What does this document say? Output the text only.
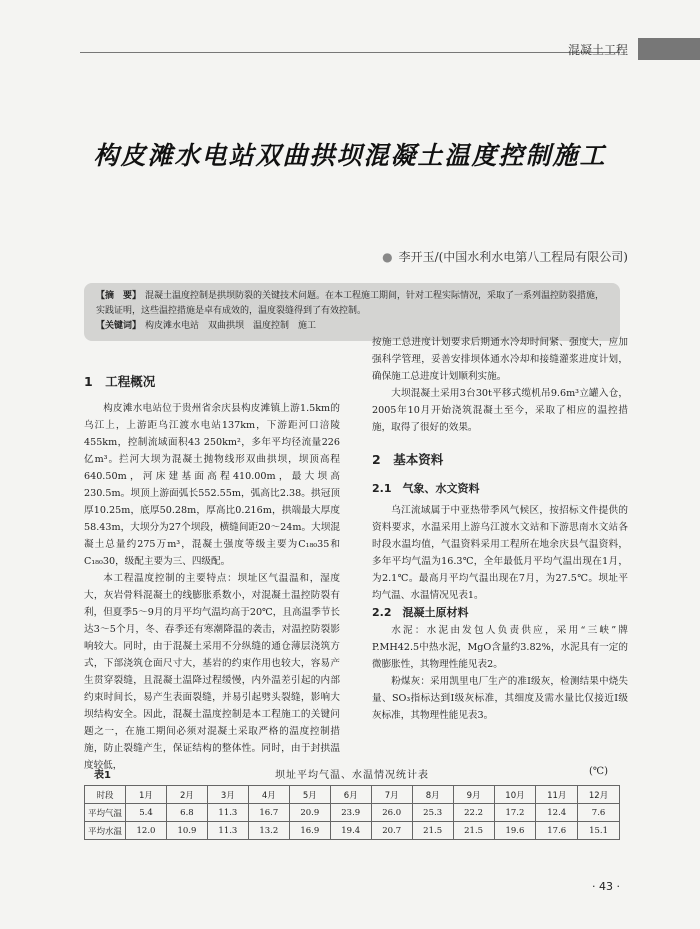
混凝土工程
构皮滩水电站双曲拱坝混凝土温度控制施工
● 李开玉/(中国水利水电第八工程局有限公司)
【摘　要】 混凝土温度控制是拱坝防裂的关键技术问题。在本工程施工期间，针对工程实际情况，采取了一系列温控防裂措施，实践证明，这些温控措施是卓有成效的，温度裂缝得到了有效控制。
【关键词】 构皮滩水电站　双曲拱坝　温度控制　施工

1　工程概况

构皮滩水电站位于贵州省余庆县构皮滩镇上游1.5km的乌江上，上游距乌江渡水电站137km，下游距河口涪陵455km，控制流域面积43 250km²，多年平均径流量226亿m³。拦河大坝为混凝土抛物线形双曲拱坝，坝顶高程640.50m，河床建基面高程410.00m，最大坝高230.5m。坝顶上游面弧长552.55m，弧高比2.38。拱冠顶厚10.25m，底厚50.28m，厚高比0.216m，拱端最大厚度58.43m，大坝分为27个坝段，横缝间距20～24m。大坝混凝土总量约275万m³，混凝土强度等级主要为C₁₈₀35和C₁₈₀30，级配主要为三、四级配。

本工程温度控制的主要特点：坝址区气温温和，湿度大，灰岩骨料混凝土的线膨胀系数小，对混凝土温控防裂有利，但夏季5～9月的月平均气温均高于20℃，且高温季节长达3～5个月，冬、春季还有寒潮降温的袭击，对温控防裂影响较大。同时，由于混凝土采用不分纵缝的通仓薄层浇筑方式，下部浇筑仓面尺寸大，基岩的约束作用也较大，容易产生贯穿裂缝，且混凝土温降过程缓慢，内外温差引起的内部约束时间长，易产生表面裂缝，并易引起劈头裂缝，影响大坝结构安全。因此，混凝土温度控制是本工程施工的关键问题之一，在施工期间必须对混凝土采取严格的温度控制措施，防止裂缝产生，保证结构的整体性。同时，由于封拱温度较低，

按施工总进度计划要求后期通水冷却时间紧、强度大，应加强科学管理，妥善安排坝体通水冷却和接缝灌浆进度计划，确保施工总进度计划顺利实施。

大坝混凝土采用3台30t平移式缆机吊9.6m³立罐入仓，2005年10月开始浇筑混凝土至今，采取了相应的温控措施，取得了很好的效果。

2　基本资料

2.1　气象、水文资料

乌江流域属于中亚热带季风气候区，按招标文件提供的资料要求，水温采用上游乌江渡水文站和下游思南水文站各时段水温均值，气温资料采用工程所在地余庆县气温资料，多年平均气温为16.3℃，全年最低月平均气温出现在1月，为2.1℃。最高月平均气温出现在7月，为27.5℃。坝址平均气温、水温情况见表1。

2.2　混凝土原材料

水泥：水泥由发包人负责供应，采用“三峡”牌P.MH42.5中热水泥，MgO含量约3.82%，水泥具有一定的微膨胀性，其物理性能见表2。

粉煤灰：采用凯里电厂生产的准Ⅰ级灰，检测结果中烧失量、SO₃指标达到Ⅰ级灰标准，其细度及需水量比仅接近Ⅰ级灰标准，其物理性能见表3。

表1	坝址平均气温、水温情况统计表	(℃)
时段	1月	2月	3月	4月	5月	6月	7月	8月	9月	10月	11月	12月
平均气温	5.4	6.8	11.3	16.7	20.9	23.9	26.0	25.3	22.2	17.2	12.4	7.6
平均水温	12.0	10.9	11.3	13.2	16.9	19.4	20.7	21.5	21.5	19.6	17.6	15.1
· 43 ·
